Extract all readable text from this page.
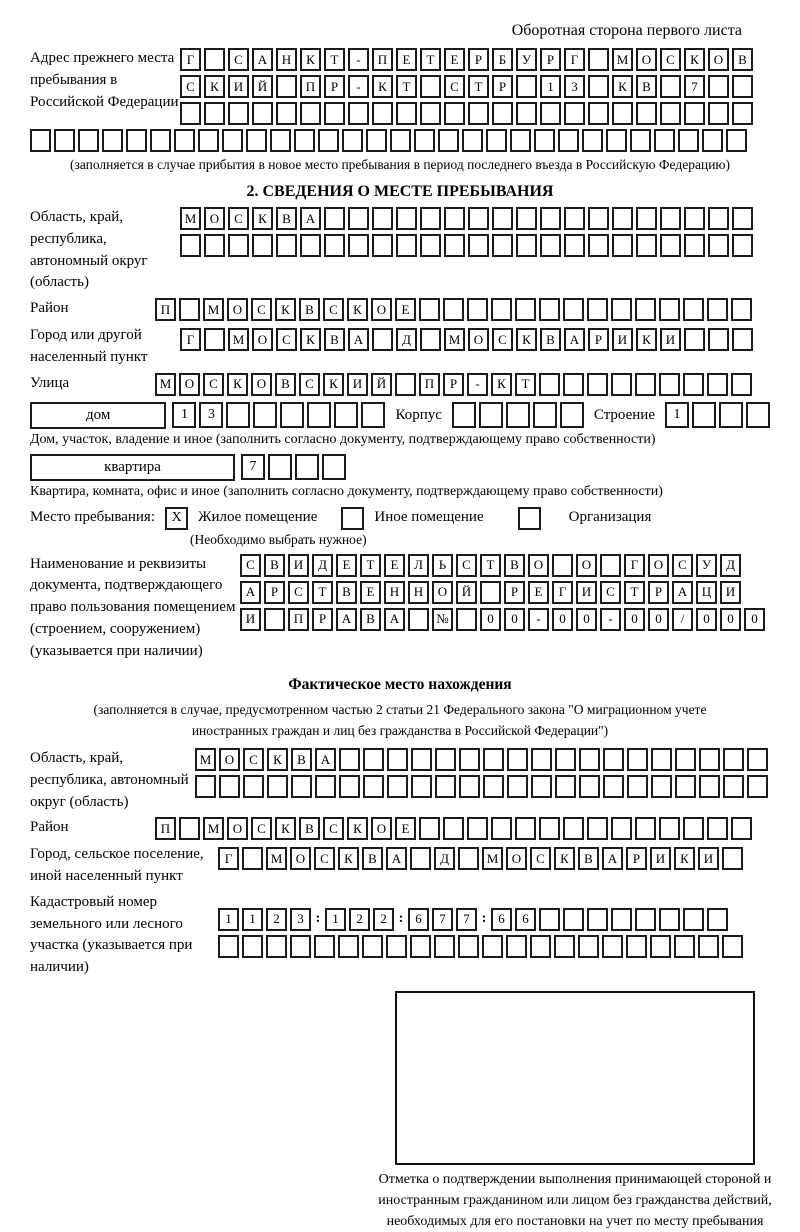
Оборотная сторона первого листа
Адрес прежнего места пребывания в Российской Федерации
Г	С	А	Н	К	Т	-	П	Е	Т	Е	Р	Б	У	Р	Г	М	О	С	К	О	В
С	К	И	Й	П	Р	-	К	Т	С	Т	Р	1	3	К	В	7
(заполняется в случае прибытия в новое место пребывания в период последнего въезда в Российскую Федерацию)
2. СВЕДЕНИЯ О МЕСТЕ ПРЕБЫВАНИЯ
Область, край, республика, автономный округ (область)
М	О	С	К	В	А
Район	П	М	О	С	К	В	С	К	О	Е
Город или другой населенный пункт
Г	М	О	С	К	В	А	Д	М	О	С	К	В	А	Р	И	К	И
Улица	М	О	С	К	О	В	С	К	И	Й	П	Р	-	К	Т
дом	1	3	Корпус	Строение	1
Дом, участок, владение и иное (заполнить согласно документу, подтверждающему право собственности)
квартира	7
Квартира, комната, офис и иное (заполнить согласно документу, подтверждающему право собственности)
Место пребывания:	X	Жилое помещение	Иное помещение	Организация
(Необходимо выбрать нужное)
Наименование и реквизиты документа, подтверждающего право пользования помещением (строением, сооружением) (указывается при наличии)
С	В	И	Д	Е	Т	Е	Л	Ь	С	Т	В	О	О	Г	О	С	У	Д
А	Р	С	Т	В	Е	Н	Н	О	Й	Р	Е	Г	И	С	Т	Р	А	Ц	И
И	П	Р	А	В	А	№	0	0	-	0	0	-	0	0	/	0	0	0
Фактическое место нахождения
(заполняется в случае, предусмотренном частью 2 статьи 21 Федерального закона "О миграционном учете иностранных граждан и лиц без гражданства в Российской Федерации")
Область, край, республика, автономный округ (область)
М	О	С	К	В	А
Район	П	М	О	С	К	В	С	К	О	Е
Город, сельское поселение, иной населенный пункт
Г	М	О	С	К	В	А	Д	М	О	С	К	В	А	Р	И	К	И
Кадастровый номер земельного или лесного участка (указывается при наличии)
1	1	2	3 : 1	2	2 : 6	7	7 : 6	6
Отметка о подтверждении выполнения принимающей стороной и иностранным гражданином или лицом без гражданства действий, необходимых для его постановки на учет по месту пребывания
